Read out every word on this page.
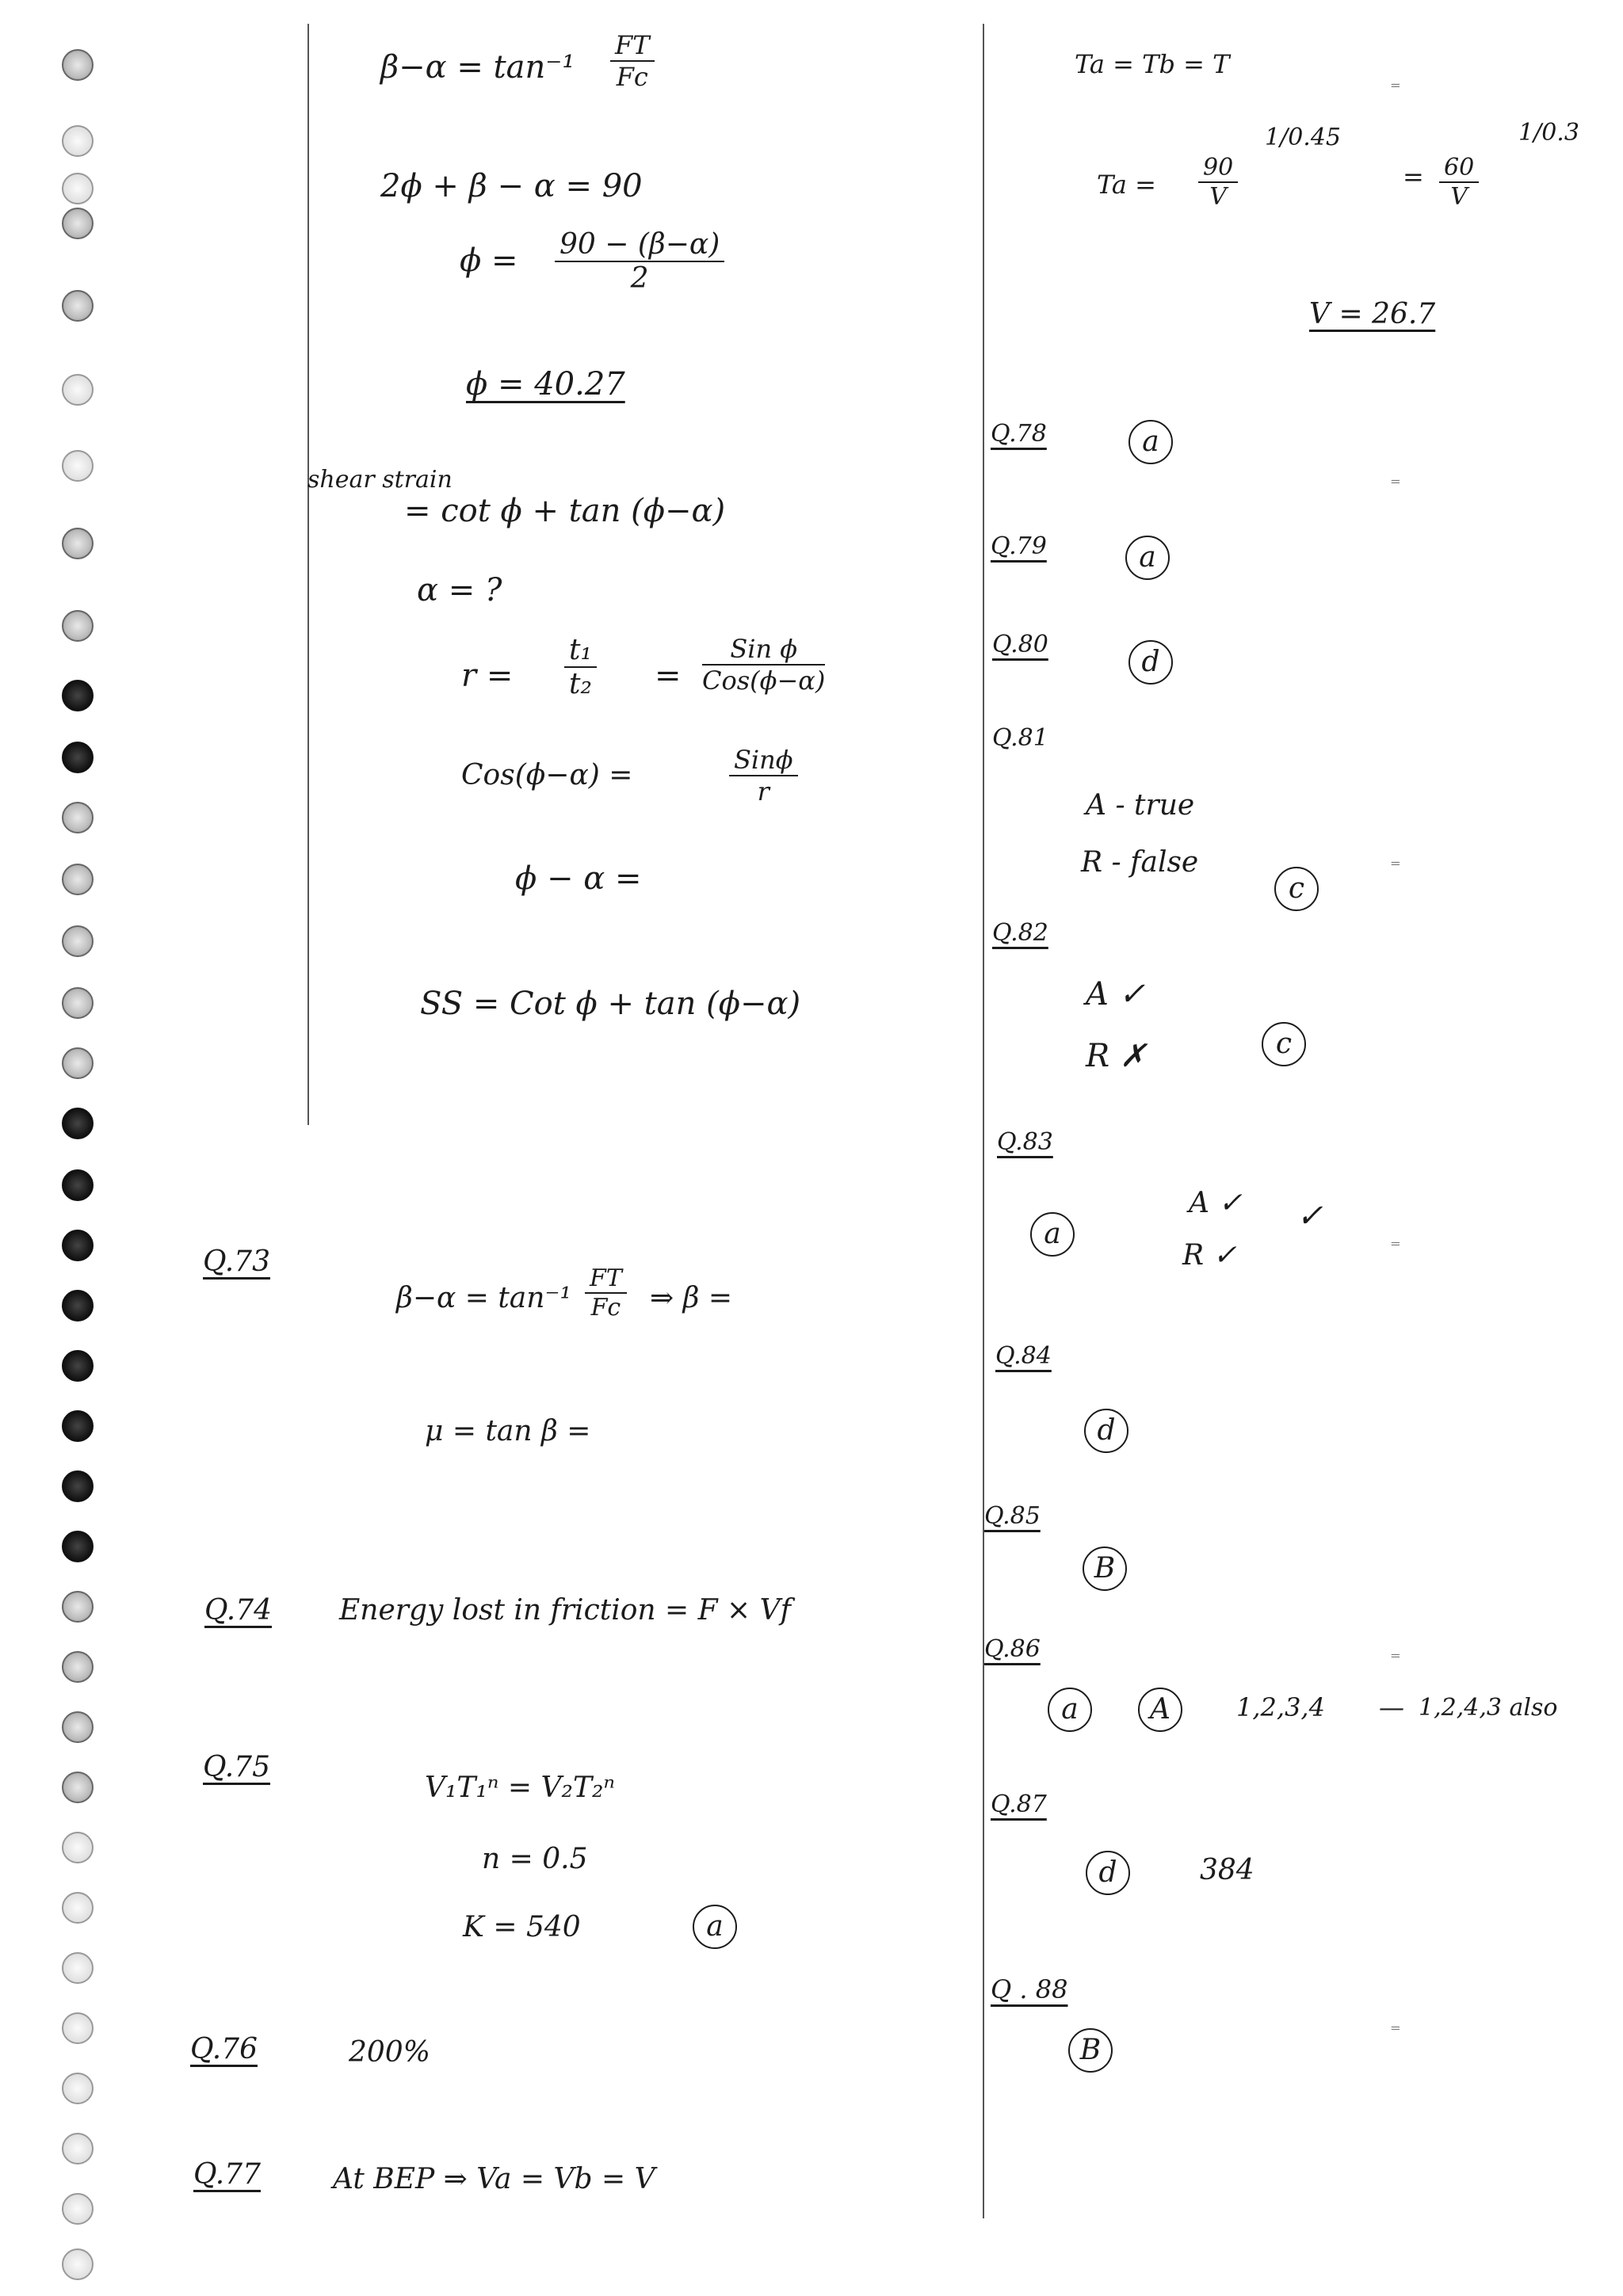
$\beta-\alpha = \tan^{-1} \frac{FT}{Fc}$
2ϕ + β − α = 90
$\phi = \frac{90 - (\beta-\alpha)}{2}$
ϕ = 40.27
shear strain
= cot ϕ + tan (ϕ−α)
α = ?
$r = \frac{\text{t₁}}{\text{t₂}}$ =
Sin ϕ
Cos(ϕ−α)
Cos(ϕ−α) =	Sinϕ
r
ϕ − α =
SS = Cot ϕ + tan (ϕ−α)
Q.73
$\beta-\alpha = \tan^{-1} \frac{FT}{Fc}$ ⇒ β =
μ = tan β =
Q.74 Energy lost in friction = F × Vf
Q.75
V₁T₁ⁿ = V₂T₂ⁿ
n = 0.5
K = 540	a
Q.76	200%
Q.77	At BEP ⇒ Va = Vb = V
Ta = Tb = T
$Ta = \frac{90}{V}$
1/0.45
= $\frac{60}{V}$
1/0.3
V = 26.7
Q.78	a
Q.79	a
Q.80
d
Q.81
A - true
R - false
c
Q.82
A ✓
R ✗	c
Q.83
a
A ✓
R ✓
✓
Q.84
d
Q.85
B
Q.86
a	A	1,2,3,4 — 1,2,4,3 also
Q.87
d	384
Q . 88
B
⁼
⁼
⁼
⁼
⁼
⁼
